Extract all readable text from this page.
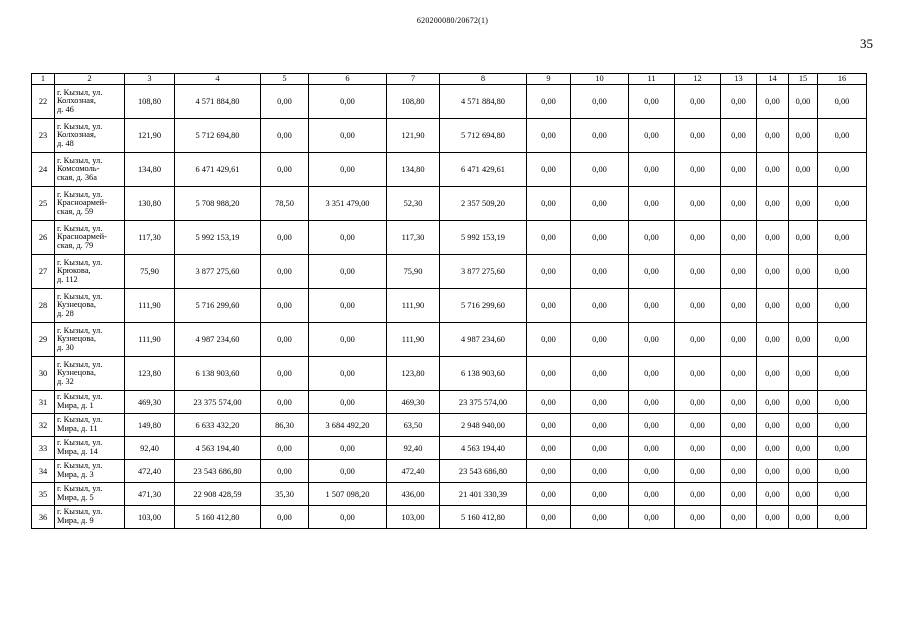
620200080/20672(1)
35
1	2	3	4	5	6	7	8	9	10	11	12	13	14	15	16
22	г. Кызыл, ул.
Колхозная,
д. 46	108,80	4 571 884,80	0,00	0,00	108,80	4 571 884,80	0,00	0,00	0,00	0,00	0,00	0,00	0,00	0,00
23	г. Кызыл, ул.
Колхозная,
д. 48	121,90	5 712 694,80	0,00	0,00	121,90	5 712 694,80	0,00	0,00	0,00	0,00	0,00	0,00	0,00	0,00
24	г. Кызыл, ул.
Комсомоль-
ская, д. 36а	134,80	6 471 429,61	0,00	0,00	134,80	6 471 429,61	0,00	0,00	0,00	0,00	0,00	0,00	0,00	0,00
25	г. Кызыл, ул.
Красноармей-
ская, д. 59	130,80	5 708 988,20	78,50	3 351 479,00	52,30	2 357 509,20	0,00	0,00	0,00	0,00	0,00	0,00	0,00	0,00
26	г. Кызыл, ул.
Красноармей-
ская, д. 79	117,30	5 992 153,19	0,00	0,00	117,30	5 992 153,19	0,00	0,00	0,00	0,00	0,00	0,00	0,00	0,00
27	г. Кызыл, ул.
Крюкова,
д. 112	75,90	3 877 275,60	0,00	0,00	75,90	3 877 275,60	0,00	0,00	0,00	0,00	0,00	0,00	0,00	0,00
28	г. Кызыл, ул.
Кузнецова,
д. 28	111,90	5 716 299,60	0,00	0,00	111,90	5 716 299,60	0,00	0,00	0,00	0,00	0,00	0,00	0,00	0,00
29	г. Кызыл, ул.
Кузнецова,
д. 30	111,90	4 987 234,60	0,00	0,00	111,90	4 987 234,60	0,00	0,00	0,00	0,00	0,00	0,00	0,00	0,00
30	г. Кызыл, ул.
Кузнецова,
д. 32	123,80	6 138 903,60	0,00	0,00	123,80	6 138 903,60	0,00	0,00	0,00	0,00	0,00	0,00	0,00	0,00
31	г. Кызыл, ул.
Мира, д. 1	469,30	23 375 574,00	0,00	0,00	469,30	23 375 574,00	0,00	0,00	0,00	0,00	0,00	0,00	0,00	0,00
32	г. Кызыл, ул.
Мира, д. 11	149,80	6 633 432,20	86,30	3 684 492,20	63,50	2 948 940,00	0,00	0,00	0,00	0,00	0,00	0,00	0,00	0,00
33	г. Кызыл, ул.
Мира, д. 14	92,40	4 563 194,40	0,00	0,00	92,40	4 563 194,40	0,00	0,00	0,00	0,00	0,00	0,00	0,00	0,00
34	г. Кызыл, ул.
Мира, д. 3	472,40	23 543 686,80	0,00	0,00	472,40	23 543 686,80	0,00	0,00	0,00	0,00	0,00	0,00	0,00	0,00
35	г. Кызыл, ул.
Мира, д. 5	471,30	22 908 428,59	35,30	1 507 098,20	436,00	21 401 330,39	0,00	0,00	0,00	0,00	0,00	0,00	0,00	0,00
36	г. Кызыл, ул.
Мира, д. 9	103,00	5 160 412,80	0,00	0,00	103,00	5 160 412,80	0,00	0,00	0,00	0,00	0,00	0,00	0,00	0,00
